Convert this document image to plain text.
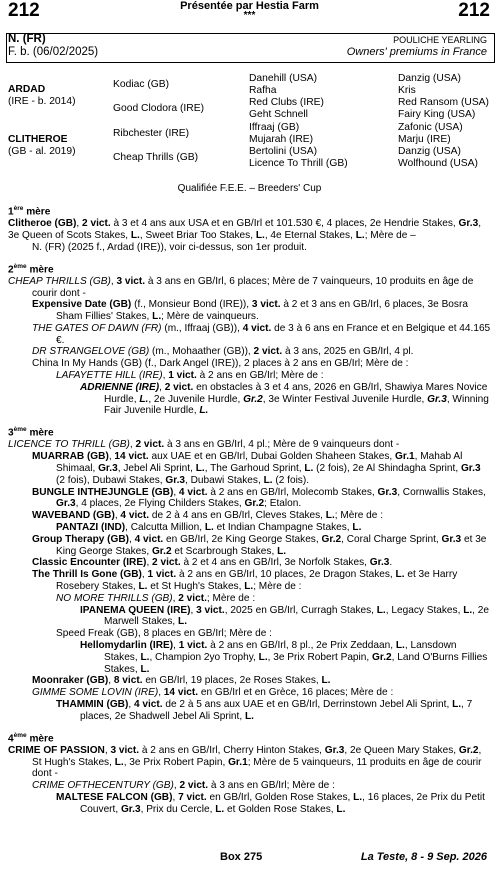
212	Présentée par Hestia Farm
***	212
N. (FR)
F. b. (06/02/2025)
POULICHE YEARLING
Owners' premiums in France
ARDAD
(IRE - b. 2014)
CLITHEROE
(GB - al. 2019)
Kodiac (GB)
Good Clodora (IRE)
Ribchester (IRE)
Cheap Thrills (GB)
Danehill (USA)
Rafha
Red Clubs (IRE)
Geht Schnell
Iffraaj (GB)
Mujarah (IRE)
Bertolini (USA)
Licence To Thrill (GB)
Danzig (USA)
Kris
Red Ransom (USA)
Fairy King (USA)
Zafonic (USA)
Marju (IRE)
Danzig (USA)
Wolfhound (USA)
Qualifiée F.E.E. – Breeders' Cup
1ère mère

Clitheroe (GB), 2 vict. à 3 et 4 ans aux USA et en GB/Irl et 101.530 €, 4 places, 2e Hendrie Stakes, Gr.3, 3e Queen of Scots Stakes, L., Sweet Briar Too Stakes, L., 4e Eternal Stakes, L.; Mère de –

N. (FR) (2025 f., Ardad (IRE)), voir ci-dessus, son 1er produit.

2ème mère

CHEAP THRILLS (GB), 3 vict. à 3 ans en GB/Irl, 6 places; Mère de 7 vainqueurs, 10 produits en âge de courir dont -

Expensive Date (GB) (f., Monsieur Bond (IRE)), 3 vict. à 2 et 3 ans en GB/Irl, 6 places, 3e Bosra Sham Fillies' Stakes, L.; Mère de vainqueurs.

THE GATES OF DAWN (FR) (m., Iffraaj (GB)), 4 vict. de 3 à 6 ans en France et en Belgique et 44.165 €.

DR STRANGELOVE (GB) (m., Mohaather (GB)), 2 vict. à 3 ans, 2025 en GB/Irl, 4 pl.

China In My Hands (GB) (f., Dark Angel (IRE)), 2 places à 2 ans en GB/Irl; Mère de :

LAFAYETTE HILL (IRE), 1 vict. à 2 ans en GB/Irl; Mère de :

ADRIENNE (IRE), 2 vict. en obstacles à 3 et 4 ans, 2026 en GB/Irl, Shawiya Mares Novice Hurdle, L., 2e Juvenile Hurdle, Gr.2, 3e Winter Festival Juvenile Hurdle, Gr.3, Winning Fair Juvenile Hurdle, L.

3ème mère

LICENCE TO THRILL (GB), 2 vict. à 3 ans en GB/Irl, 4 pl.; Mère de 9 vainqueurs dont -

MUARRAB (GB), 14 vict. aux UAE et en GB/Irl, Dubai Golden Shaheen Stakes, Gr.1, Mahab Al Shimaal, Gr.3, Jebel Ali Sprint, L., The Garhoud Sprint, L. (2 fois), 2e Al Shindagha Sprint, Gr.3 (2 fois), Dubawi Stakes, Gr.3, Dubawi Stakes, L. (2 fois).

BUNGLE INTHEJUNGLE (GB), 4 vict. à 2 ans en GB/Irl, Molecomb Stakes, Gr.3, Cornwallis Stakes, Gr.3, 4 places, 2e Flying Childers Stakes, Gr.2; Etalon.

WAVEBAND (GB), 4 vict. de 2 à 4 ans en GB/Irl, Cleves Stakes, L.; Mère de :

PANTAZI (IND), Calcutta Million, L. et Indian Champagne Stakes, L.

Group Therapy (GB), 4 vict. en GB/Irl, 2e King George Stakes, Gr.2, Coral Charge Sprint, Gr.3 et 3e King George Stakes, Gr.2 et Scarbrough Stakes, L.

Classic Encounter (IRE), 2 vict. à 2 et 4 ans en GB/Irl, 3e Norfolk Stakes, Gr.3.

The Thrill Is Gone (GB), 1 vict. à 2 ans en GB/Irl, 10 places, 2e Dragon Stakes, L. et 3e Harry Rosebery Stakes, L. et St Hugh's Stakes, L.; Mère de :

NO MORE THRILLS (GB), 2 vict.; Mère de :

IPANEMA QUEEN (IRE), 3 vict., 2025 en GB/Irl, Curragh Stakes, L., Legacy Stakes, L., 2e Marwell Stakes, L.

Speed Freak (GB), 8 places en GB/Irl; Mère de :

Hellomydarlin (IRE), 1 vict. à 2 ans en GB/Irl, 8 pl., 2e Prix Zeddaan, L., Lansdown Stakes, L., Champion 2yo Trophy, L., 3e Prix Robert Papin, Gr.2, Land O'Burns Fillies Stakes, L.

Moonraker (GB), 8 vict. en GB/Irl, 19 places, 2e Roses Stakes, L.

GIMME SOME LOVIN (IRE), 14 vict. en GB/Irl et en Grèce, 16 places; Mère de :

THAMMIN (GB), 4 vict. de 2 à 5 ans aux UAE et en GB/Irl, Derrinstown Jebel Ali Sprint, L., 7 places, 2e Shadwell Jebel Ali Sprint, L.

4ème mère

CRIME OF PASSION, 3 vict. à 2 ans en GB/Irl, Cherry Hinton Stakes, Gr.3, 2e Queen Mary Stakes, Gr.2, St Hugh's Stakes, L., 3e Prix Robert Papin, Gr.1; Mère de 5 vainqueurs, 11 produits en âge de courir dont -

CRIME OFTHECENTURY (GB), 2 vict. à 3 ans en GB/Irl; Mère de :

MALTESE FALCON (GB), 7 vict. en GB/Irl, Golden Rose Stakes, L., 16 places, 2e Prix du Petit Couvert, Gr.3, Prix du Cercle, L. et Golden Rose Stakes, L.

Box 275	La Teste, 8 - 9 Sep. 2026
